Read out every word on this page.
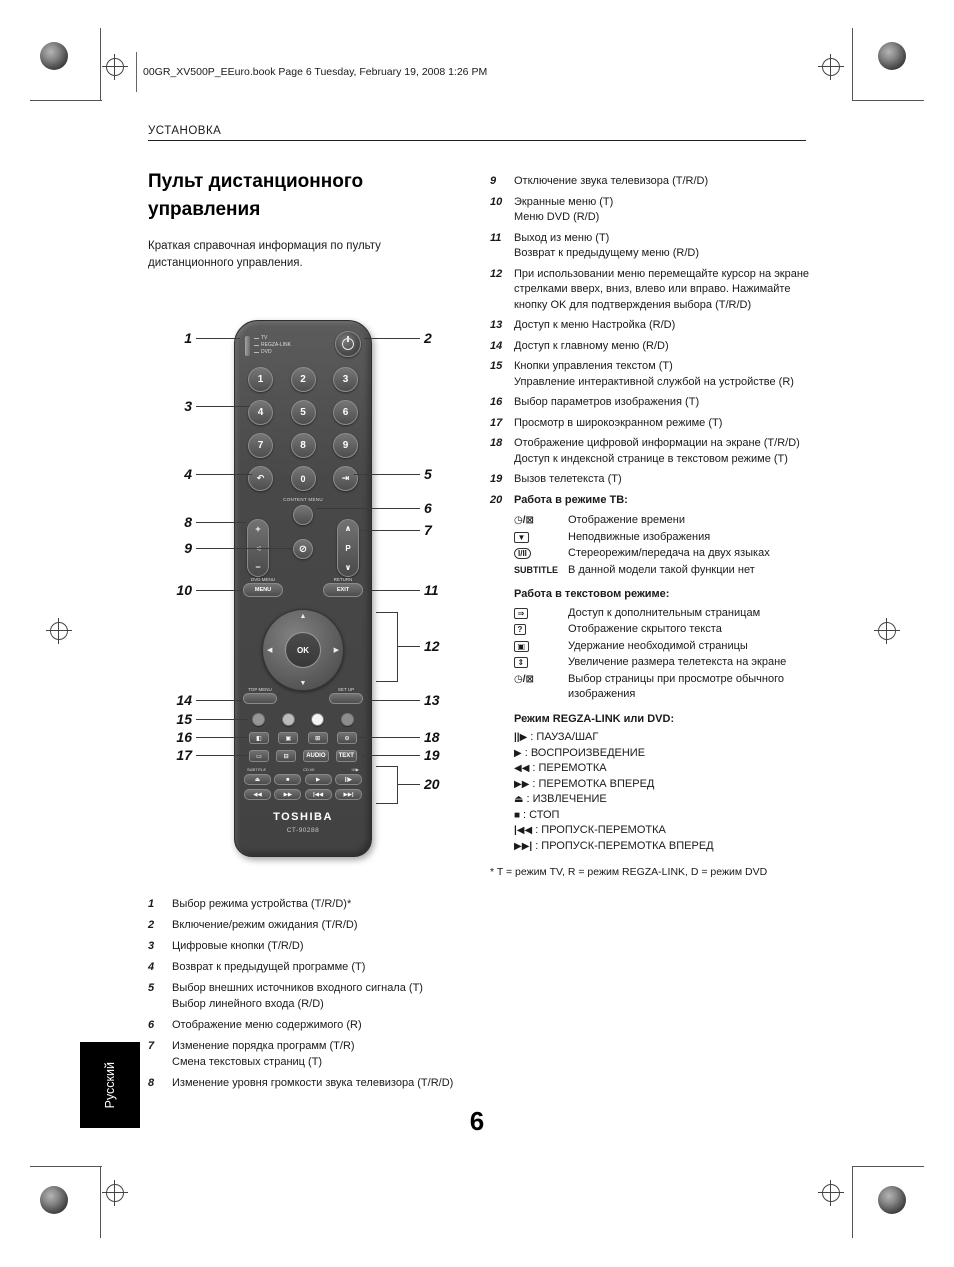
00GR_XV500P_EEuro.book Page 6 Tuesday, February 19, 2008 1:26 PM
УСТАНОВКА
Пульт дистанционного
управления
Краткая справочная информация по пульту дистанционного управления.
TV
REGZA-LINK
DVD
1	2	3
4	5	6
7	8	9
↶	0	⇥
CONTENT MENU
+
−
⊘
∧
P
∨
DVD MENU
MENU
RETURN
EXIT
▲
▼
◀	▶
OK
TOP MENU	SET UP
◧	▣	⊞	⊙
▭	⊟	AUDIO	TEXT
SUBTITLE	CD I/II	II/I▶
⏏	■	▶	||▶
◀◀	▶▶	|◀◀	▶▶|
TOSHIBA
CT-90288
1
3
4
8
9
10
14
15
16
17
2
5
6
7
11
12
13
18
19
20
1	Выбор режима устройства (T/R/D)*
2	Включение/режим ожидания (T/R/D)
3	Цифровые кнопки (T/R/D)
4	Возврат к предыдущей программе (T)
5	Выбор внешних источников входного сигнала (T)
Выбор линейного входа (R/D)
6	Отображение меню содержимого (R)
7	Изменение порядка программ (T/R)
Смена текстовых страниц (T)
8	Изменение уровня громкости звука телевизора (T/R/D)
9	Отключение звука телевизора (T/R/D)
10	Экранные меню (T)
Меню DVD (R/D)
11	Выход из меню (T)
Возврат к предыдущему меню (R/D)
12	При использовании меню перемещайте курсор на экране стрелками вверх, вниз, влево или вправо. Нажимайте кнопку OK для подтверждения выбора (T/R/D)
13	Доступ к меню Настройка (R/D)
14	Доступ к главному меню (R/D)
15	Кнопки управления текстом (T)
Управление интерактивной службой на устройстве (R)
16	Выбор параметров изображения (T)
17	Просмотр в широкоэкранном режиме (T)
18	Отображение цифровой информации на экране (T/R/D)
Доступ к индексной странице в текстовом режиме (T)
19	Вызов телетекста (T)
20	Работа в режиме ТВ:
◷/⊠	Отображение времени
▼	Неподвижные изображения
I/II	Стереорежим/передача на двух языках
SUBTITLE В данной модели такой функции нет
Работа в текстовом режиме:
⇒	Доступ к дополнительным страницам
?	Отображение скрытого текста
▣	Удержание необходимой страницы
⇕	Увеличение размера телетекста на экране
◷/⊠	Выбор страницы при просмотре обычного изображения
Режим REGZA-LINK или DVD:
||▶ : ПАУЗА/ШАГ
▶ : ВОСПРОИЗВЕДЕНИЕ
◀◀ : ПЕРЕМОТКА
▶▶ : ПЕРЕМОТКА ВПЕРЕД
⏏ : ИЗВЛЕЧЕНИЕ
■ : СТОП
|◀◀ : ПРОПУСК-ПЕРЕМОТКА
▶▶| : ПРОПУСК-ПЕРЕМОТКА ВПЕРЕД
* T = режим TV, R = режим REGZA-LINK, D = режим DVD
Русский
6
